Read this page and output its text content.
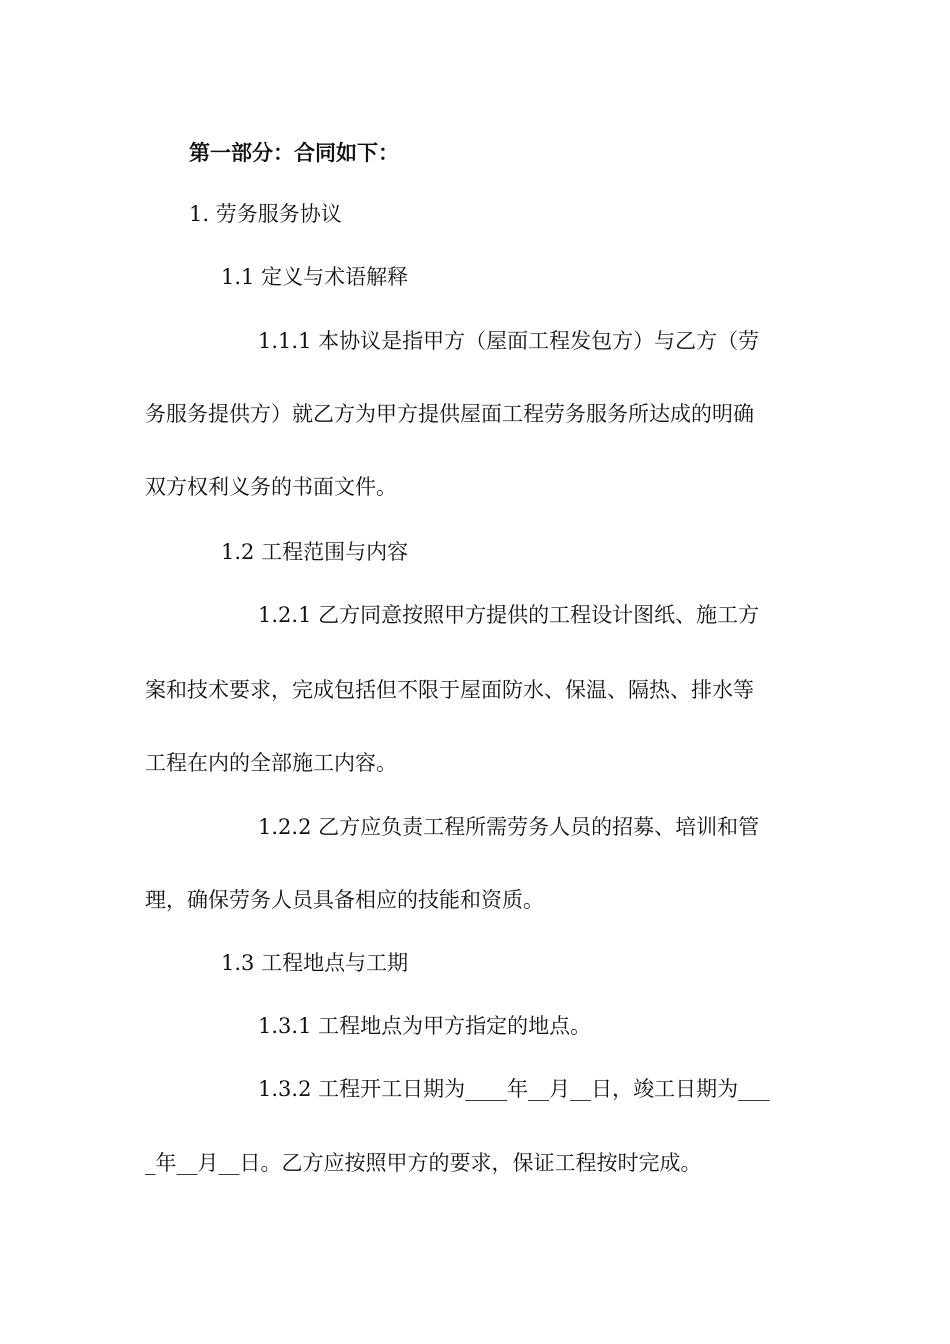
第一部分：合同如下：
1. 劳务服务协议
1.1 定义与术语解释
1.1.1 本协议是指甲方（屋面工程发包方）与乙方（劳
务服务提供方）就乙方为甲方提供屋面工程劳务服务所达成的明确
双方权利义务的书面文件。
1.2 工程范围与内容
1.2.1 乙方同意按照甲方提供的工程设计图纸、施工方
案和技术要求，完成包括但不限于屋面防水、保温、隔热、排水等
工程在内的全部施工内容。
1.2.2 乙方应负责工程所需劳务人员的招募、培训和管
理，确保劳务人员具备相应的技能和资质。
1.3 工程地点与工期
1.3.1 工程地点为甲方指定的地点。
1.3.2 工程开工日期为____年__月__日，竣工日期为___
_年__月__日。乙方应按照甲方的要求，保证工程按时完成。
